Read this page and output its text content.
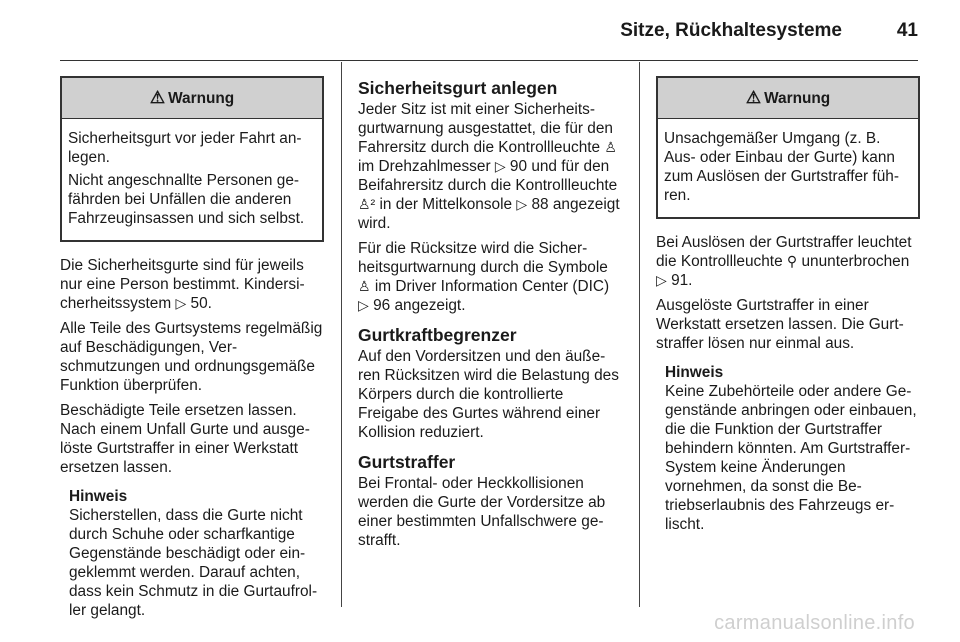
Sitze, Rückhaltesysteme	41
⚠ Warnung

Sicherheitsgurt vor jeder Fahrt anlegen.

Nicht angeschnallte Personen gefährden bei Unfällen die anderen Fahrzeuginsassen und sich selbst.

Die Sicherheitsgurte sind für jeweils nur eine Person bestimmt. Kindersicherheitssystem ▷ 50.

Alle Teile des Gurtsystems regelmäßig auf Beschädigungen, Verschmutzungen und ordnungsgemäße Funktion überprüfen.

Beschädigte Teile ersetzen lassen. Nach einem Unfall Gurte und ausgelöste Gurtstraffer in einer Werkstatt ersetzen lassen.

Hinweis
Sicherstellen, dass die Gurte nicht durch Schuhe oder scharfkantige Gegenstände beschädigt oder eingeklemmt werden. Darauf achten, dass kein Schmutz in die Gurtaufroller gelangt.
Sicherheitsgurt anlegen

Jeder Sitz ist mit einer Sicherheitsgurtwarnung ausgestattet, die für den Fahrersitz durch die Kontrollleuchte ♙ im Drehzahlmesser ▷ 90 und für den Beifahrersitz durch die Kontrollleuchte ♙² in der Mittelkonsole ▷ 88 angezeigt wird.

Für die Rücksitze wird die Sicherheitsgurtwarnung durch die Symbole ♙ im Driver Information Center (DIC) ▷ 96 angezeigt.

Gurtkraftbegrenzer

Auf den Vordersitzen und den äußeren Rücksitzen wird die Belastung des Körpers durch die kontrollierte Freigabe des Gurtes während einer Kollision reduziert.

Gurtstraffer

Bei Frontal- oder Heckkollisionen werden die Gurte der Vordersitze ab einer bestimmten Unfallschwere gestrafft.

⚠ Warnung

Unsachgemäßer Umgang (z. B. Aus- oder Einbau der Gurte) kann zum Auslösen der Gurtstraffer führen.

Bei Auslösen der Gurtstraffer leuchtet die Kontrollleuchte ⚲ ununterbrochen ▷ 91.

Ausgelöste Gurtstraffer in einer Werkstatt ersetzen lassen. Die Gurtstraffer lösen nur einmal aus.

Hinweis
Keine Zubehörteile oder andere Gegenstände anbringen oder einbauen, die die Funktion der Gurtstraffer behindern könnten. Am Gurtstraffer-System keine Änderungen vornehmen, da sonst die Betriebserlaubnis des Fahrzeugs erlischt.
carmanualsonline.info
